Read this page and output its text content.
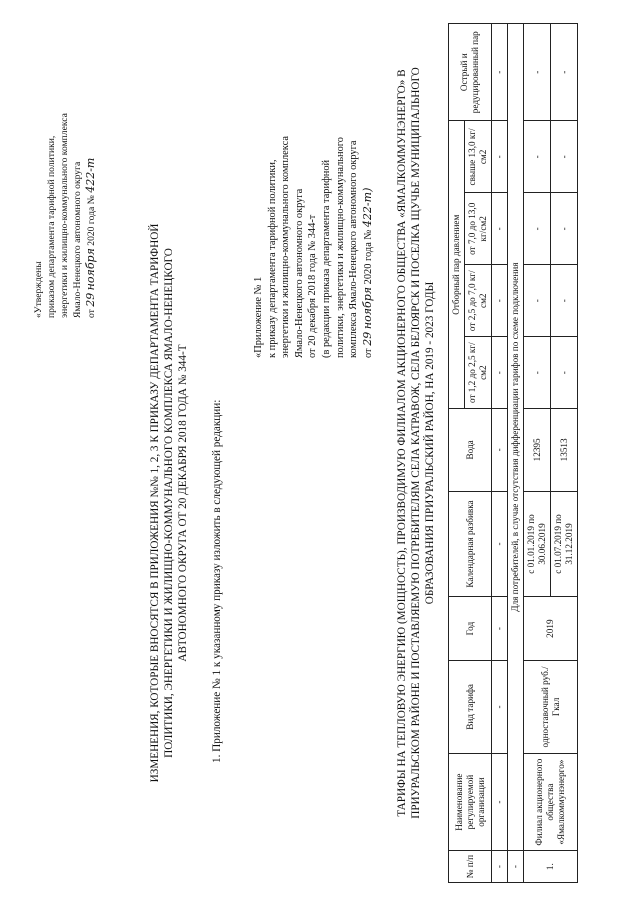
«Утверждены приказом департамента тарифной политики, энергетики и жилищно-коммунального комплекса Ямало-Ненецкого автономного округа от 29 ноября 2020 года № 422-т
ИЗМЕНЕНИЯ, КОТОРЫЕ ВНОСЯТСЯ В ПРИЛОЖЕНИЯ №№ 1, 2, 3 К ПРИКАЗУ ДЕПАРТАМЕНТА ТАРИФНОЙ ПОЛИТИКИ, ЭНЕРГЕТИКИ И ЖИЛИЩНО-КОММУНАЛЬНОГО КОМПЛЕКСА ЯМАЛО-НЕНЕЦКОГО АВТОНОМНОГО ОКРУГА ОТ 20 ДЕКАБРЯ 2018 ГОДА № 344-Т 1. Приложение № 1 к указанному приказу изложить в следующей редакции:
«Приложение № 1 к приказу департамента тарифной политики, энергетики и жилищно-коммунального комплекса Ямало-Ненецкого автономного округа от 20 декабря 2018 года № 344-т (в редакции приказа департамента тарифной политики, энергетики и жилищно-коммунального комплекса Ямало-Ненецкого автономного округа от 29 ноября 2020 года № 422-т) ТАРИФЫ НА ТЕПЛОВУЮ ЭНЕРГИЮ (МОЩНОСТЬ), ПРОИЗВОДИМУЮ ФИЛИАЛОМ АКЦИОНЕРНОГО ОБЩЕСТВА «ЯМАЛКОММУНЭНЕРГО» В ПРИУРАЛЬСКОМ РАЙОНЕ И ПОСТАВЛЯЕМУЮ ПОТРЕБИТЕЛЯМ СЕЛА КАТРАВОЖ, СЕЛА БЕЛОЯРСК И ПОСЕЛКА ЩУЧЬЕ МУНИЦИПАЛЬНОГО ОБРАЗОВАНИЯ ПРИУРАЛЬСКИЙ РАЙОН, НА 2019 - 2023 ГОДЫ
№ п/п	Наименование регулируемой организации	Вид тарифа	Год	Календарная разбивка	Вода	Отборный пар давлением				Острый и редуцированный пар
						от 1,2 до 2,5 кг/см2	от 2,5 до 7,0 кг/см2	от 7,0 до 13,0 кг/см2	свыше 13,0 кг/см2	
-	-	-	-	-	-	-	-	-	-	-
-	Для потребителей, в случае отсутствия дифференциации тарифов по схеме подключения									
1.	Филиал акционерного общества «Ямалкоммунэнерго»	одноставочный руб./Гкал	2019	с 01.01.2019 по 30.06.2019	12395	-	-	-	-	-
				с 01.07.2019 по 31.12.2019	13513	-	-	-	-	-
